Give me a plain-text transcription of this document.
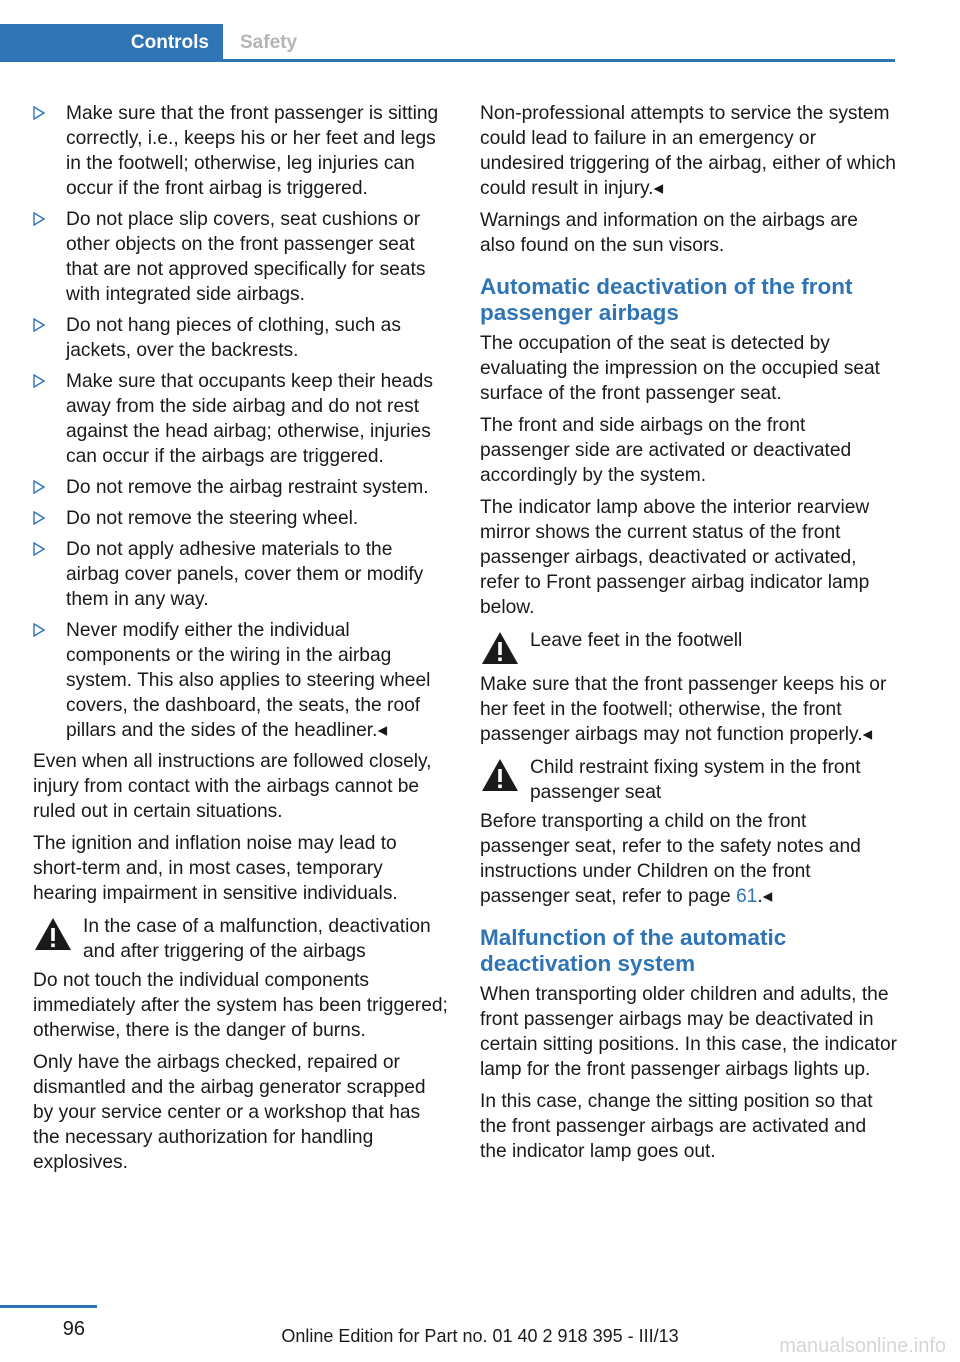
Controls	Safety
Make sure that the front passenger is sitting correctly, i.e., keeps his or her feet and legs in the footwell; otherwise, leg injuries can occur if the front airbag is triggered.
Do not place slip covers, seat cushions or other objects on the front passenger seat that are not approved specifically for seats with integrated side airbags.
Do not hang pieces of clothing, such as jackets, over the backrests.
Make sure that occupants keep their heads away from the side airbag and do not rest against the head airbag; otherwise, injuries can occur if the airbags are triggered.
Do not remove the airbag restraint system.
Do not remove the steering wheel.
Do not apply adhesive materials to the airbag cover panels, cover them or modify them in any way.
Never modify either the individual components or the wiring in the airbag system. This also applies to steering wheel covers, the dashboard, the seats, the roof pillars and the sides of the headliner.◂

Even when all instructions are followed closely, injury from contact with the airbags cannot be ruled out in certain situations.

The ignition and inflation noise may lead to short-term and, in most cases, temporary hearing impairment in sensitive individuals.

In the case of a malfunction, deactivation and after triggering of the airbags

Do not touch the individual components immediately after the system has been triggered; otherwise, there is the danger of burns.

Only have the airbags checked, repaired or dismantled and the airbag generator scrapped by your service center or a workshop that has the necessary authorization for handling explosives.

Non-professional attempts to service the system could lead to failure in an emergency or undesired triggering of the airbag, either of which could result in injury.◂

Warnings and information on the airbags are also found on the sun visors.

Automatic deactivation of the front passenger airbags

The occupation of the seat is detected by evaluating the impression on the occupied seat surface of the front passenger seat.

The front and side airbags on the front passenger side are activated or deactivated accordingly by the system.

The indicator lamp above the interior rearview mirror shows the current status of the front passenger airbags, deactivated or activated, refer to Front passenger airbag indicator lamp below.

Leave feet in the footwell

Make sure that the front passenger keeps his or her feet in the footwell; otherwise, the front passenger airbags may not function properly.◂

Child restraint fixing system in the front passenger seat

Before transporting a child on the front passenger seat, refer to the safety notes and instructions under Children on the front passenger seat, refer to page 61.◂

Malfunction of the automatic deactivation system

When transporting older children and adults, the front passenger airbags may be deactivated in certain sitting positions. In this case, the indicator lamp for the front passenger airbags lights up.

In this case, change the sitting position so that the front passenger airbags are activated and the indicator lamp goes out.

96	Online Edition for Part no. 01 40 2 918 395 - III/13	manualsonline.info
